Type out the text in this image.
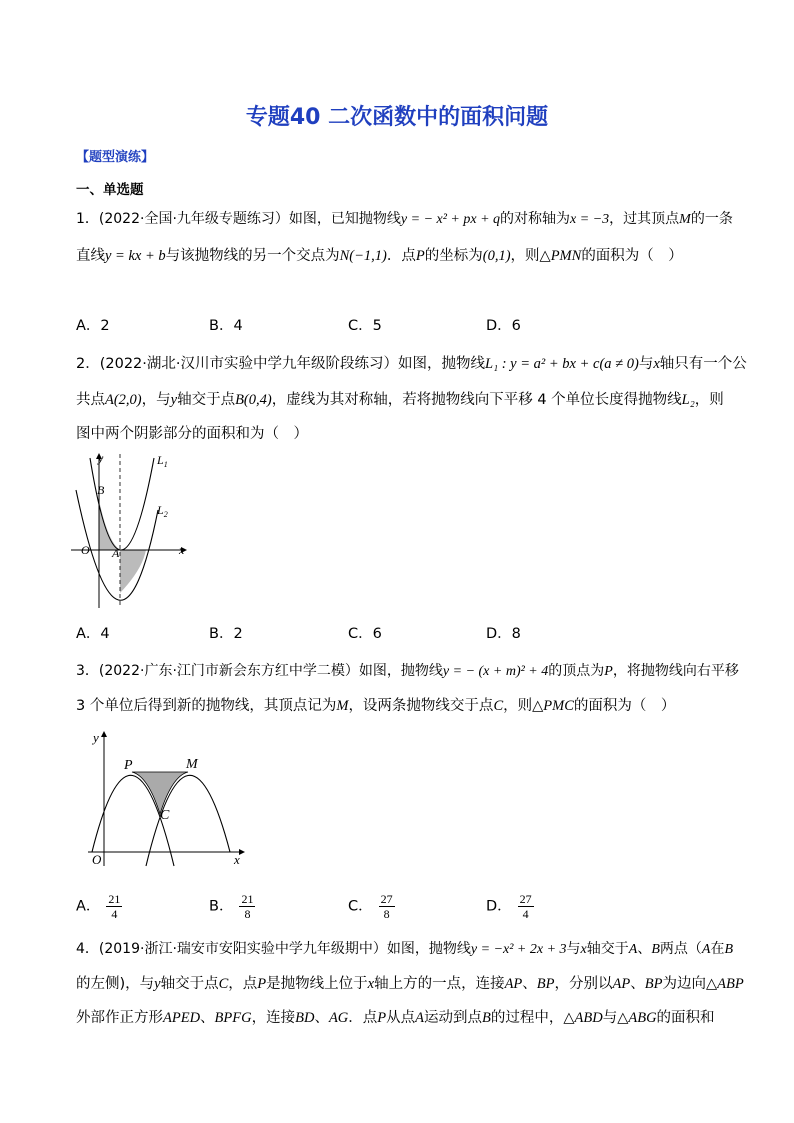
专题40 二次函数中的面积问题
【题型演练】
一、单选题
1．(2022·全国·九年级专题练习）如图，已知抛物线y = − x² + px + q的对称轴为x = −3，过其顶点M的一条
直线y = kx + b与该抛物线的另一个交点为N(−1,1)．点P的坐标为(0,1)，则△PMN的面积为（　）
A．2	B．4	C．5	D．6
2．(2022·湖北·汉川市实验中学九年级阶段练习）如图，抛物线L₁ : y = a² + bx + c(a ≠ 0)与x轴只有一个公
共点A(2,0)，与y轴交于点B(0,4)，虚线为其对称轴，若将抛物线向下平移 4 个单位长度得抛物线L₂，则
图中两个阴影部分的面积和为（　）
y
x
O A
B
$L_1$
$L_2$
A．4	B．2	C．6	D．8
3．(2022·广东·江门市新会东方红中学二模）如图，抛物线y = − (x + m)² + 4的顶点为P，将抛物线向右平移
3 个单位后得到新的抛物线，其顶点记为M，设两条抛物线交于点C，则△PMC的面积为（　）
y
x
O
P	M
C
A． $\frac{21}{4}$	B． $\frac{21}{8}$	C． $\frac{27}{8}$	D． $\frac{27}{4}$
4．(2019·浙江·瑞安市安阳实验中学九年级期中）如图，抛物线y = −x² + 2x + 3与x轴交于A、B两点（A在B
的左侧)，与y轴交于点C，点P是抛物线上位于x轴上方的一点，连接AP、BP，分别以AP、BP为边向△ABP
外部作正方形APED、BPFG，连接BD、AG．点P从点A运动到点B的过程中，△ABD与△ABG的面积和
